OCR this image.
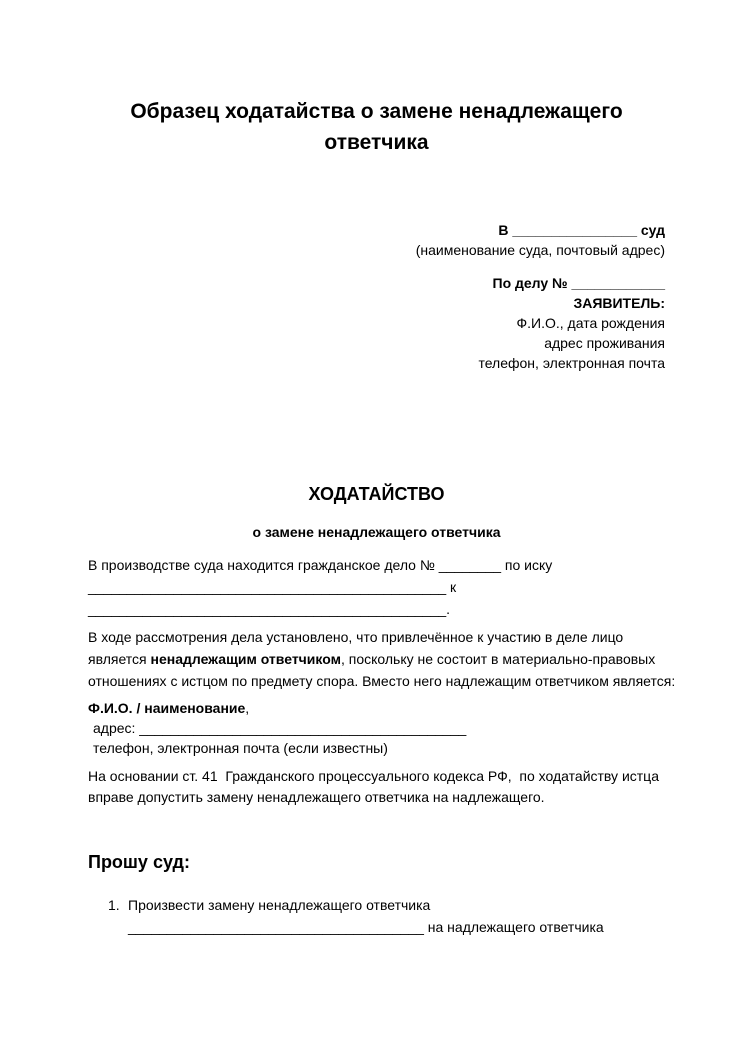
Образец ходатайства о замене ненадлежащего ответчика
В ________________ суд
(наименование суда, почтовый адрес)
По делу № ____________
ЗАЯВИТЕЛЬ:
Ф.И.О., дата рождения
адрес проживания
телефон, электронная почта
ХОДАТАЙСТВО
о замене ненадлежащего ответчика
В производстве суда находится гражданское дело № ________ по иску
______________________________________________ к
______________________________________________.

В ходе рассмотрения дела установлено, что привлечённое к участию в деле лицо является ненадлежащим ответчиком, поскольку не состоит в материально-правовых отношениях с истцом по предмету спора. Вместо него надлежащим ответчиком является:

Ф.И.О. / наименование,
адрес: __________________________________________
телефон, электронная почта (если известны)

На основании ст. 41  Гражданского процессуального кодекса РФ,  по ходатайству истца вправе допустить замену ненадлежащего ответчика на надлежащего.

Прошу суд:
1. Произвести замену ненадлежащего ответчика
______________________________________ на надлежащего ответчика
